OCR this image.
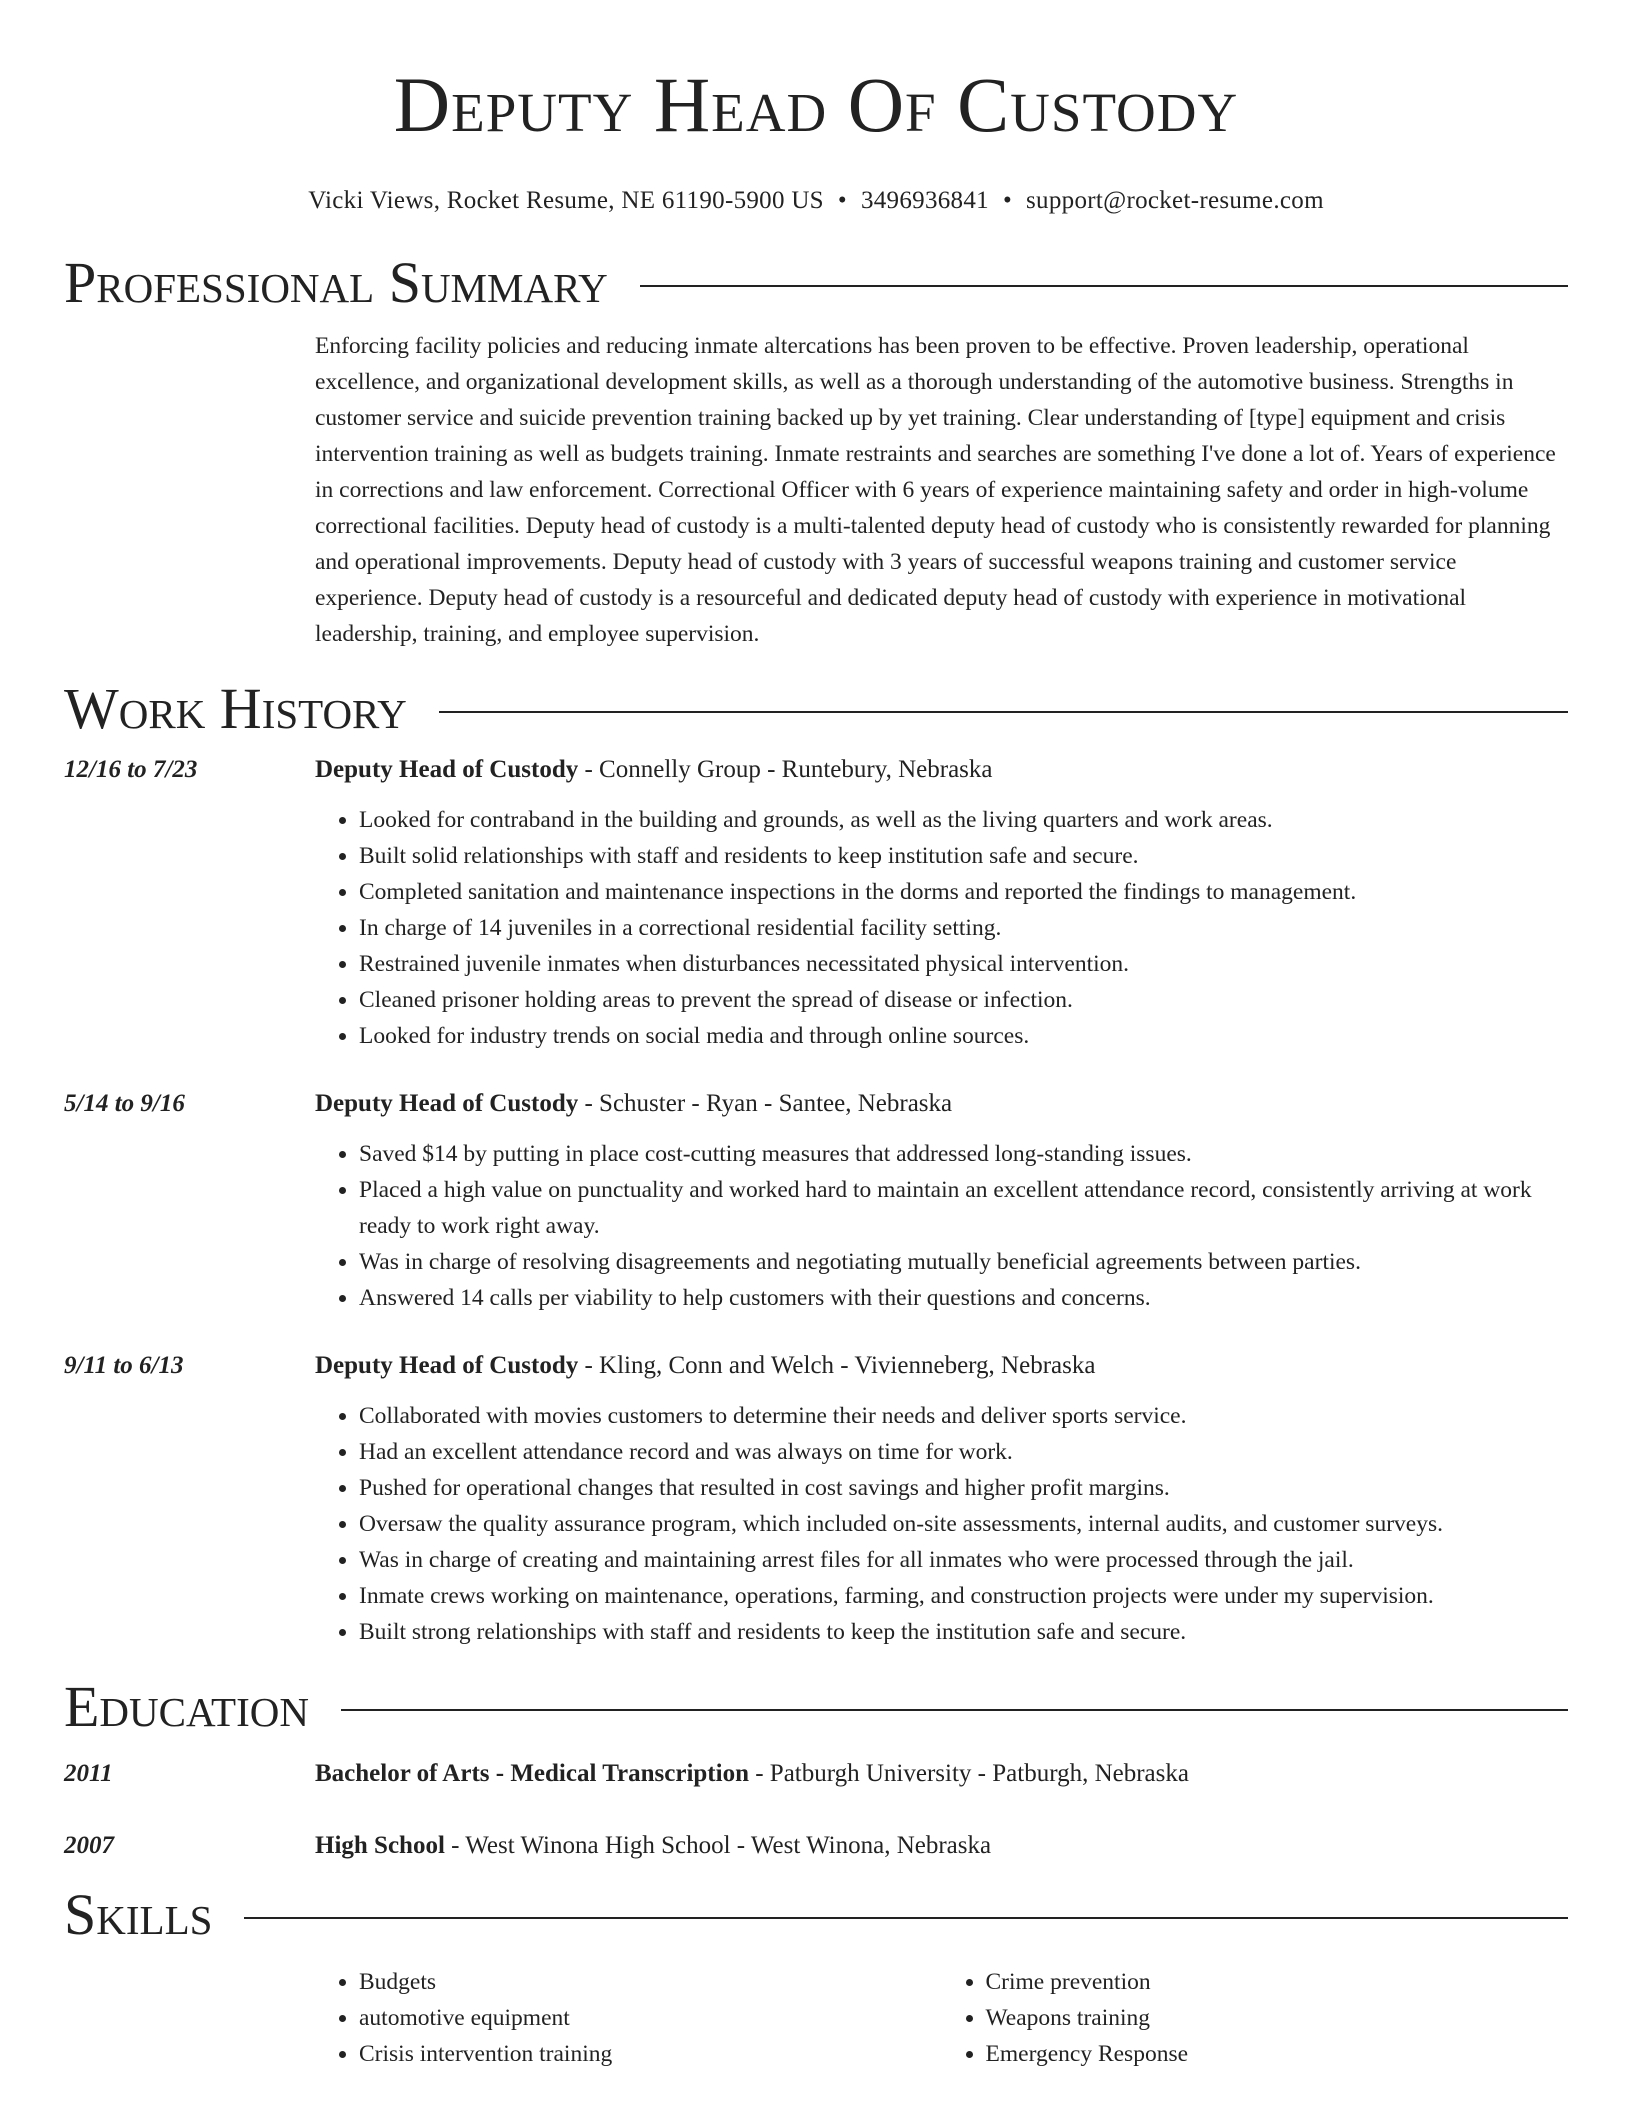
Deputy Head Of Custody
Vicki Views, Rocket Resume, NE 61190-5900 US • 3496936841 • support@rocket-resume.com
Professional Summary

Enforcing facility policies and reducing inmate altercations has been proven to be effective. Proven leadership, operational excellence, and organizational development skills, as well as a thorough understanding of the automotive business. Strengths in customer service and suicide prevention training backed up by yet training. Clear understanding of [type] equipment and crisis intervention training as well as budgets training. Inmate restraints and searches are something I've done a lot of. Years of experience in corrections and law enforcement. Correctional Officer with 6 years of experience maintaining safety and order in high-volume correctional facilities. Deputy head of custody is a multi-talented deputy head of custody who is consistently rewarded for planning and operational improvements. Deputy head of custody with 3 years of successful weapons training and customer service experience. Deputy head of custody is a resourceful and dedicated deputy head of custody with experience in motivational leadership, training, and employee supervision.

Work History
12/16 to 7/23	Deputy Head of Custody - Connelly Group - Runtebury, Nebraska
• Looked for contraband in the building and grounds, as well as the living quarters and work areas.
• Built solid relationships with staff and residents to keep institution safe and secure.
• Completed sanitation and maintenance inspections in the dorms and reported the findings to management.
• In charge of 14 juveniles in a correctional residential facility setting.
• Restrained juvenile inmates when disturbances necessitated physical intervention.
• Cleaned prisoner holding areas to prevent the spread of disease or infection.
• Looked for industry trends on social media and through online sources.
5/14 to 9/16	Deputy Head of Custody - Schuster - Ryan - Santee, Nebraska
• Saved $14 by putting in place cost-cutting measures that addressed long-standing issues.
• Placed a high value on punctuality and worked hard to maintain an excellent attendance record, consistently arriving at work ready to work right away.
• Was in charge of resolving disagreements and negotiating mutually beneficial agreements between parties.
• Answered 14 calls per viability to help customers with their questions and concerns.
9/11 to 6/13	Deputy Head of Custody - Kling, Conn and Welch - Vivienneberg, Nebraska
• Collaborated with movies customers to determine their needs and deliver sports service.
• Had an excellent attendance record and was always on time for work.
• Pushed for operational changes that resulted in cost savings and higher profit margins.
• Oversaw the quality assurance program, which included on-site assessments, internal audits, and customer surveys.
• Was in charge of creating and maintaining arrest files for all inmates who were processed through the jail.
• Inmate crews working on maintenance, operations, farming, and construction projects were under my supervision.
• Built strong relationships with staff and residents to keep the institution safe and secure.
Education
2011	Bachelor of Arts - Medical Transcription - Patburgh University - Patburgh, Nebraska
2007	High School - West Winona High School - West Winona, Nebraska
Skills
• Budgets
• automotive equipment
• Crisis intervention training
• Crime prevention
• Weapons training
• Emergency Response
